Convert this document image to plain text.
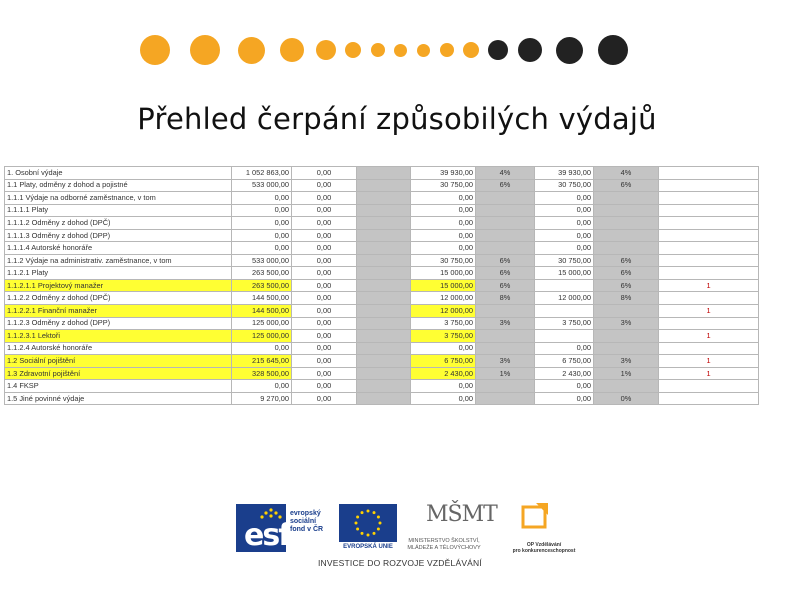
Přehled čerpání způsobilých výdajů
1. Osobní výdaje	1 052 863,00	0,00		39 930,00	4%	39 930,00	4%	
1.1 Platy, odměny z dohod a pojistné	533 000,00	0,00		30 750,00	6%	30 750,00	6%	
1.1.1 Výdaje na odborné zaměstnance, v tom	0,00	0,00		0,00		0,00		
1.1.1.1 Platy	0,00	0,00		0,00		0,00		
1.1.1.2 Odměny z dohod (DPČ)	0,00	0,00		0,00		0,00		
1.1.1.3 Odměny z dohod (DPP)	0,00	0,00		0,00		0,00		
1.1.1.4 Autorské honoráře	0,00	0,00		0,00		0,00		
1.1.2 Výdaje na administrativ. zaměstnance, v tom	533 000,00	0,00		30 750,00	6%	30 750,00	6%	
1.1.2.1 Platy	263 500,00	0,00		15 000,00	6%	15 000,00	6%	
1.1.2.1.1 Projektový manažer	263 500,00	0,00		15 000,00	6%		6%	1
1.1.2.2 Odměny z dohod (DPČ)	144 500,00	0,00		12 000,00	8%	12 000,00	8%	
1.1.2.2.1 Finanční manažer	144 500,00	0,00		12 000,00				1
1.1.2.3 Odměny z dohod (DPP)	125 000,00	0,00		3 750,00	3%	3 750,00	3%	
1.1.2.3.1 Lektoři	125 000,00	0,00		3 750,00				1
1.1.2.4 Autorské honoráře	0,00	0,00		0,00		0,00		
1.2 Sociální pojištění	215 645,00	0,00		6 750,00	3%	6 750,00	3%	1
1.3 Zdravotní pojištění	328 500,00	0,00		2 430,00	1%	2 430,00	1%	1
1.4 FKSP	0,00	0,00		0,00		0,00		
1.5 Jiné povinné výdaje	9 270,00	0,00		0,00		0,00	0%	
esf
evropský
sociální
fond v ČR
EVROPSKÁ UNIE
MŠMT
MINISTERSTVO ŠKOLSTVÍ,
MLÁDEŽE A TĚLOVÝCHOVY	OP Vzdělávání
pro konkurenceschopnost
INVESTICE DO ROZVOJE VZDĚLÁVÁNÍ
